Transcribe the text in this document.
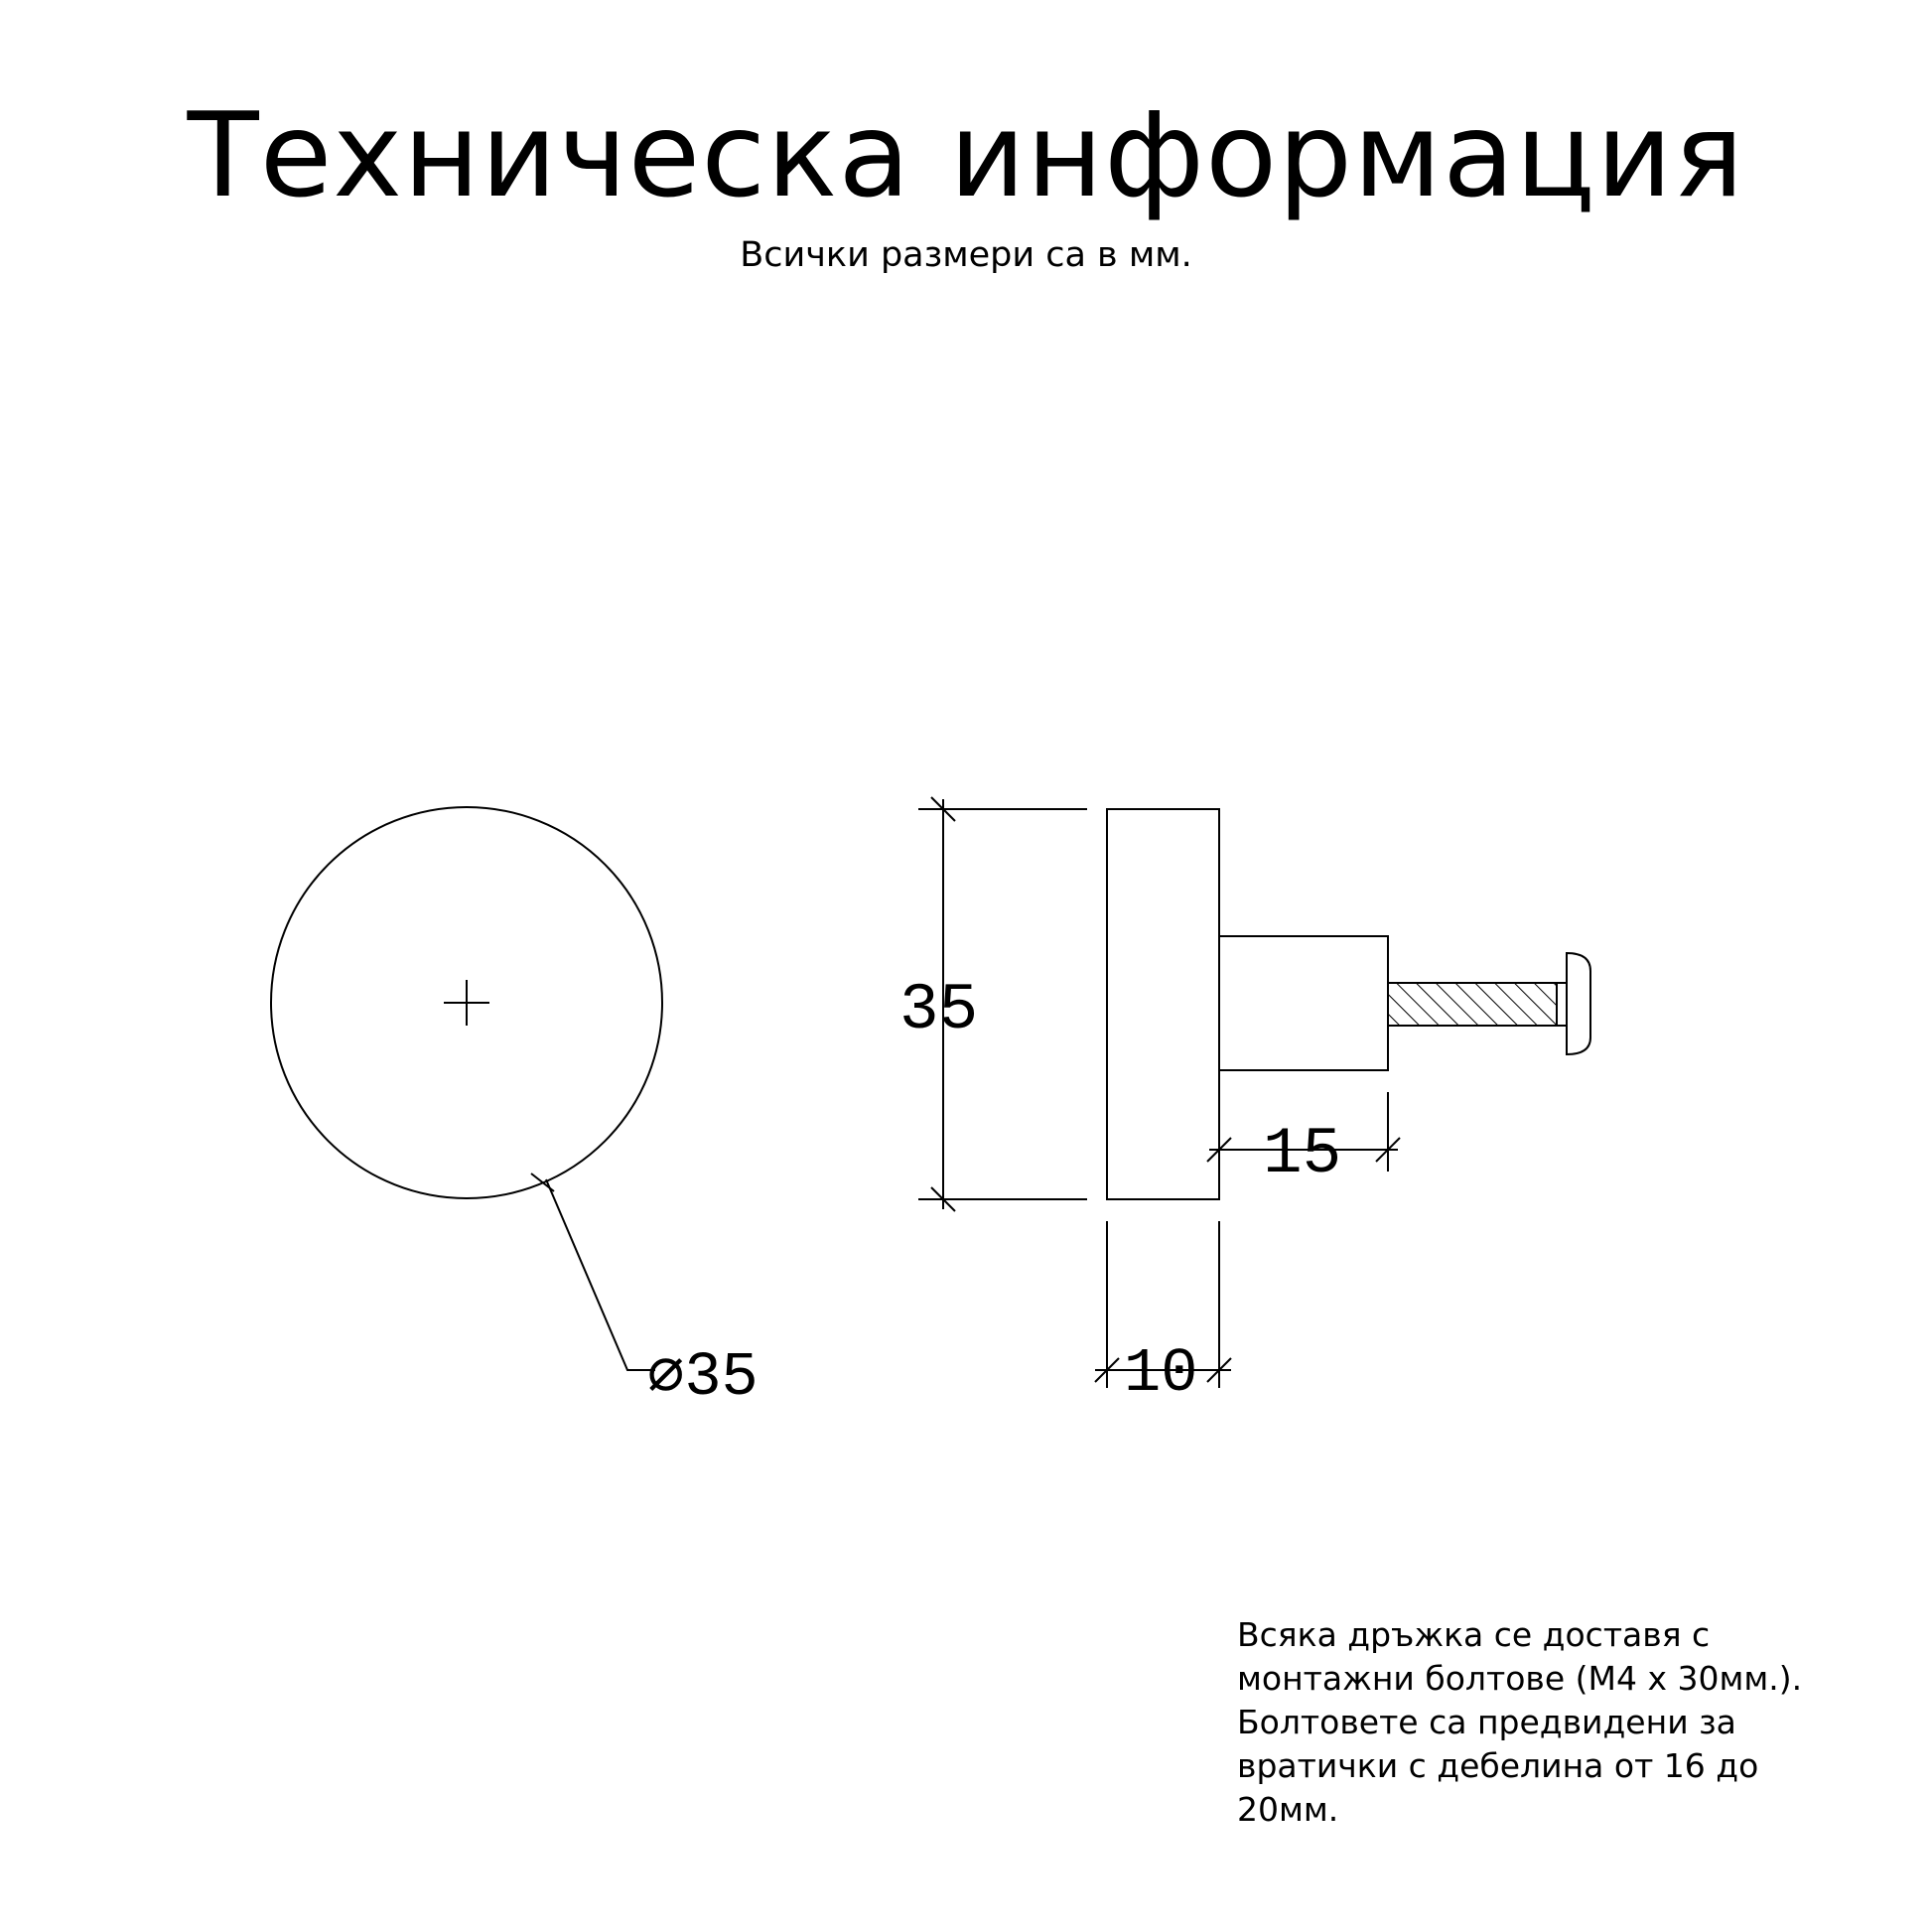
Техническа информация
Всички размери са в мм.
⌀35
35
15
10
Всяка дръжка се доставя с монтажни болтове (М4 x 30мм.). Болтовете са предвидени за вратички с дебелина от 16 до 20мм.
